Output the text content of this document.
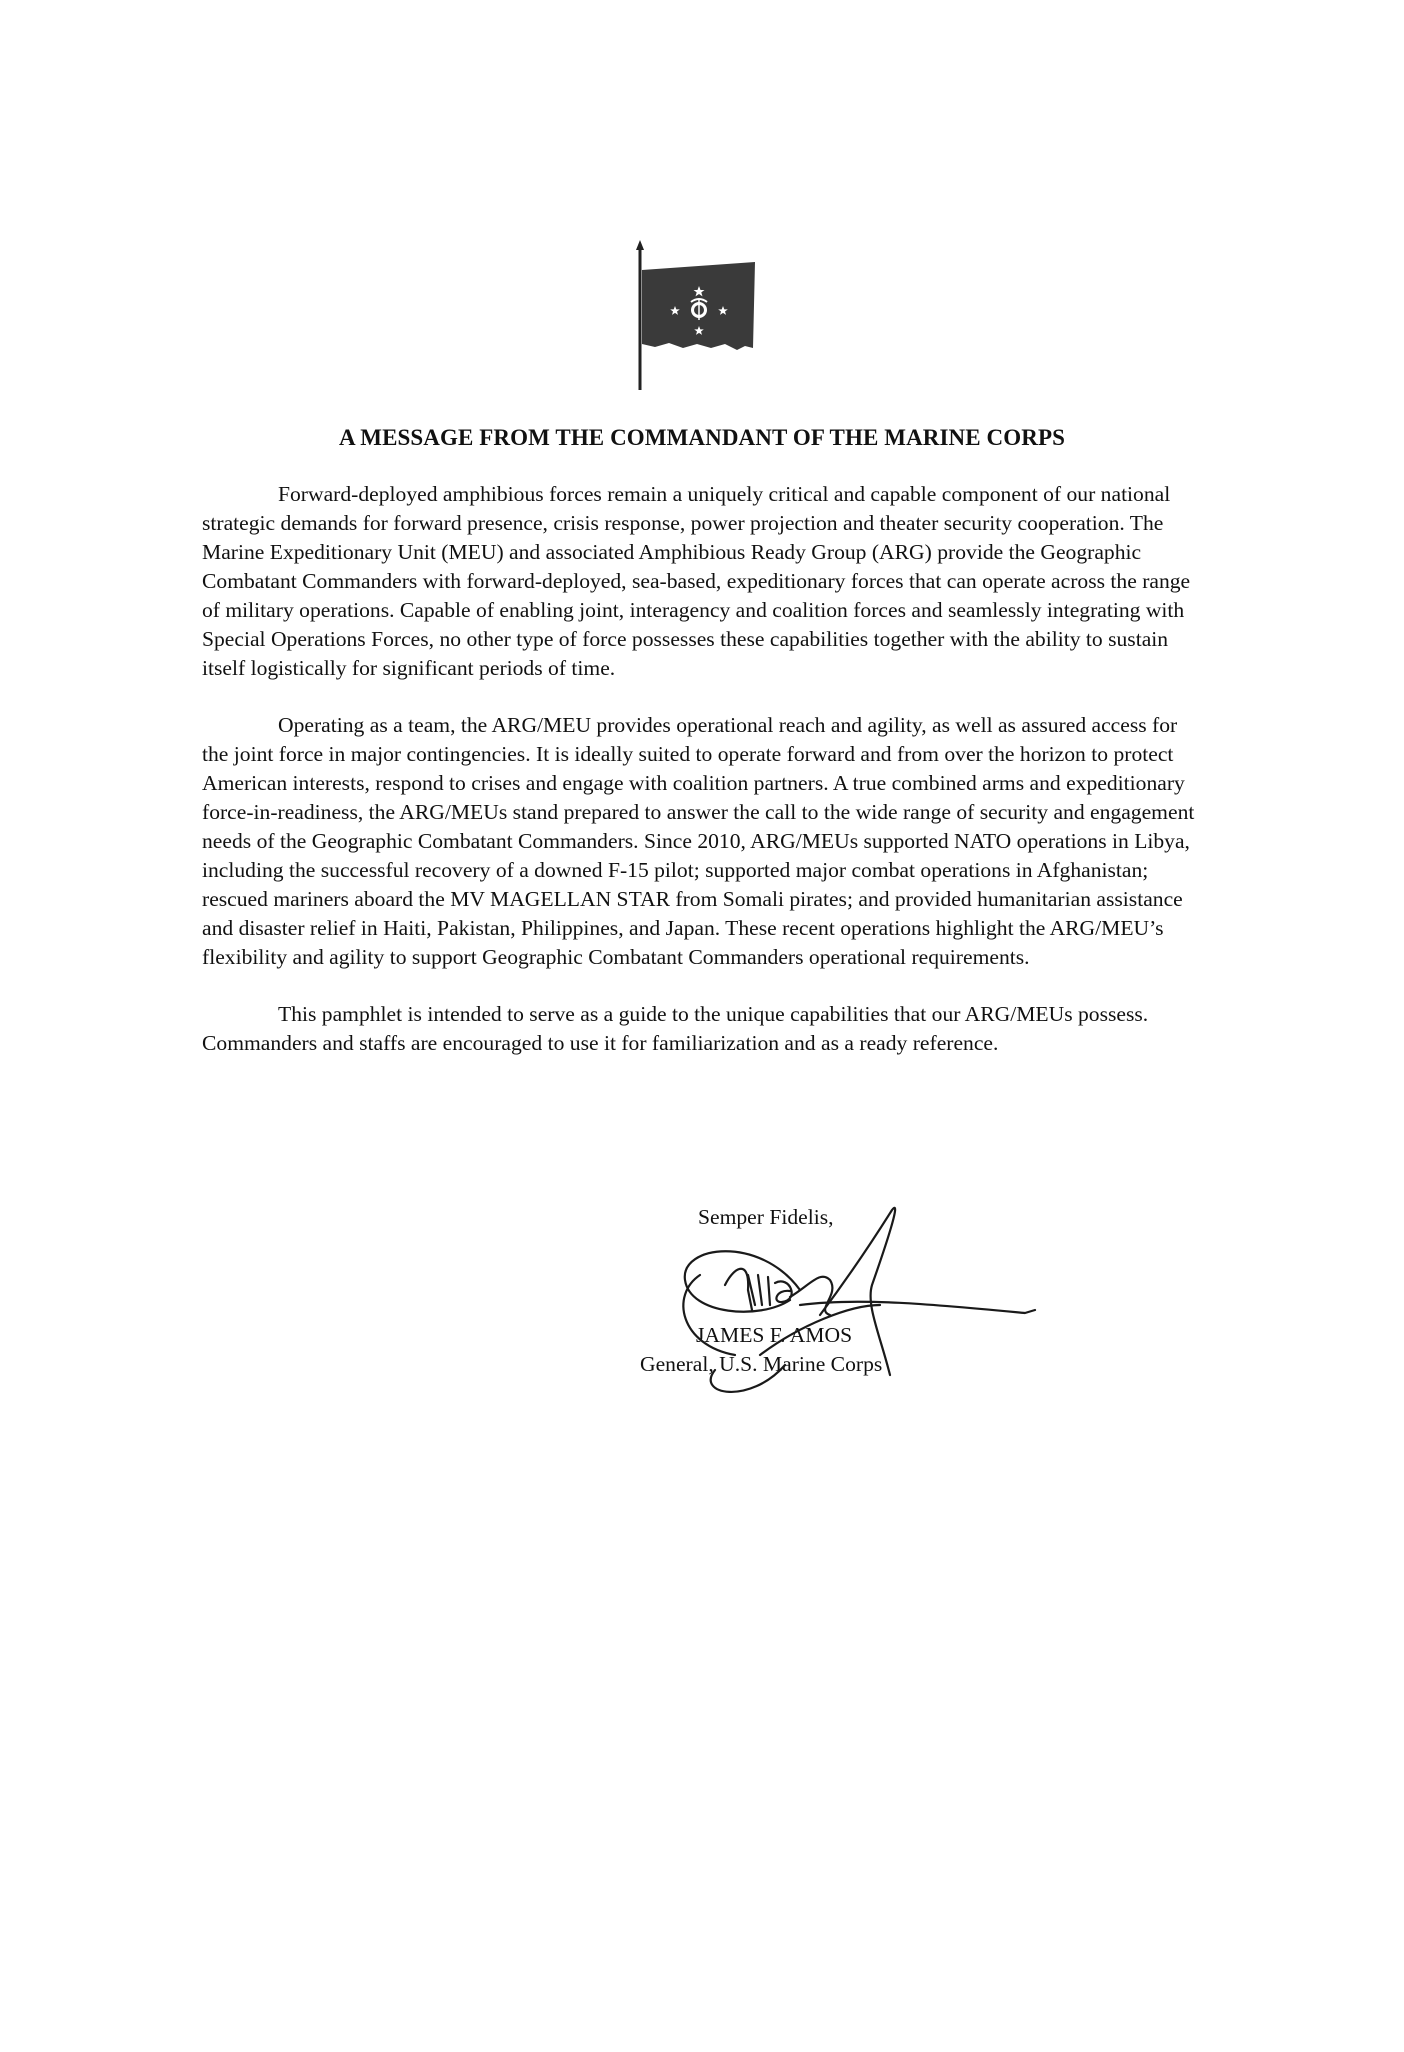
A MESSAGE FROM THE COMMANDANT OF THE MARINE CORPS

Forward-deployed amphibious forces remain a uniquely critical and capable component of our national strategic demands for forward presence, crisis response, power projection and theater security cooperation. The Marine Expeditionary Unit (MEU) and associated Amphibious Ready Group (ARG) provide the Geographic Combatant Commanders with forward-deployed, sea-based, expeditionary forces that can operate across the range of military operations. Capable of enabling joint, interagency and coalition forces and seamlessly integrating with Special Operations Forces, no other type of force possesses these capabilities together with the ability to sustain itself logistically for significant periods of time.

Operating as a team, the ARG/MEU provides operational reach and agility, as well as assured access for the joint force in major contingencies. It is ideally suited to operate forward and from over the horizon to protect American interests, respond to crises and engage with coalition partners. A true combined arms and expeditionary force-in-readiness, the ARG/MEUs stand prepared to answer the call to the wide range of security and engagement needs of the Geographic Combatant Commanders. Since 2010, ARG/MEUs supported NATO operations in Libya, including the successful recovery of a downed F-15 pilot; supported major combat operations in Afghanistan; rescued mariners aboard the MV MAGELLAN STAR from Somali pirates; and provided humanitarian assistance and disaster relief in Haiti, Pakistan, Philippines, and Japan. These recent operations highlight the ARG/MEU’s flexibility and agility to support Geographic Combatant Commanders operational requirements.

This pamphlet is intended to serve as a guide to the unique capabilities that our ARG/MEUs possess. Commanders and staffs are encouraged to use it for familiarization and as a ready reference.

Semper Fidelis,
JAMES F. AMOS
General, U.S. Marine Corps
